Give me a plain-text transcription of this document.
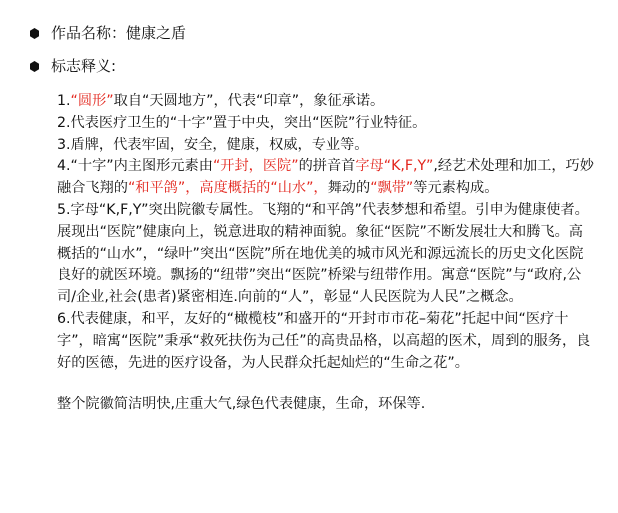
作品名称：健康之盾
标志释义:

1.“圆形”取自“天圆地方”，代表“印章”，象征承诺。

2.代表医疗卫生的“十字”置于中央，突出“医院”行业特征。

3.盾牌，代表牢固，安全，健康，权威，专业等。

4.“十字”内主图形元素由“开封，医院”的拼音首字母“K,F,Y”,经艺术处理和加工，巧妙融合飞翔的“和平鸽”，高度概括的“山水”，舞动的“飘带”等元素构成。

5.字母“K,F,Y”突出院徽专属性。飞翔的“和平鸽”代表梦想和希望。引申为健康使者。展现出“医院”健康向上，锐意进取的精神面貌。象征“医院”不断发展壮大和腾飞。高概括的“山水”，“绿叶”突出“医院”所在地优美的城市风光和源远流长的历史文化医院良好的就医环境。飘扬的“纽带”突出“医院”桥梁与纽带作用。寓意“医院”与“政府,公司/企业,社会(患者)紧密相连.向前的“人”，彰显“人民医院为人民”之概念。

6.代表健康，和平，友好的“橄榄枝”和盛开的“开封市市花–菊花”托起中间“医疗十字”，暗寓“医院”秉承“救死扶伤为己任”的高贵品格，以高超的医术，周到的服务，良好的医德，先进的医疗设备，为人民群众托起灿烂的“生命之花”。

整个院徽简洁明快,庄重大气,绿色代表健康，生命，环保等.
